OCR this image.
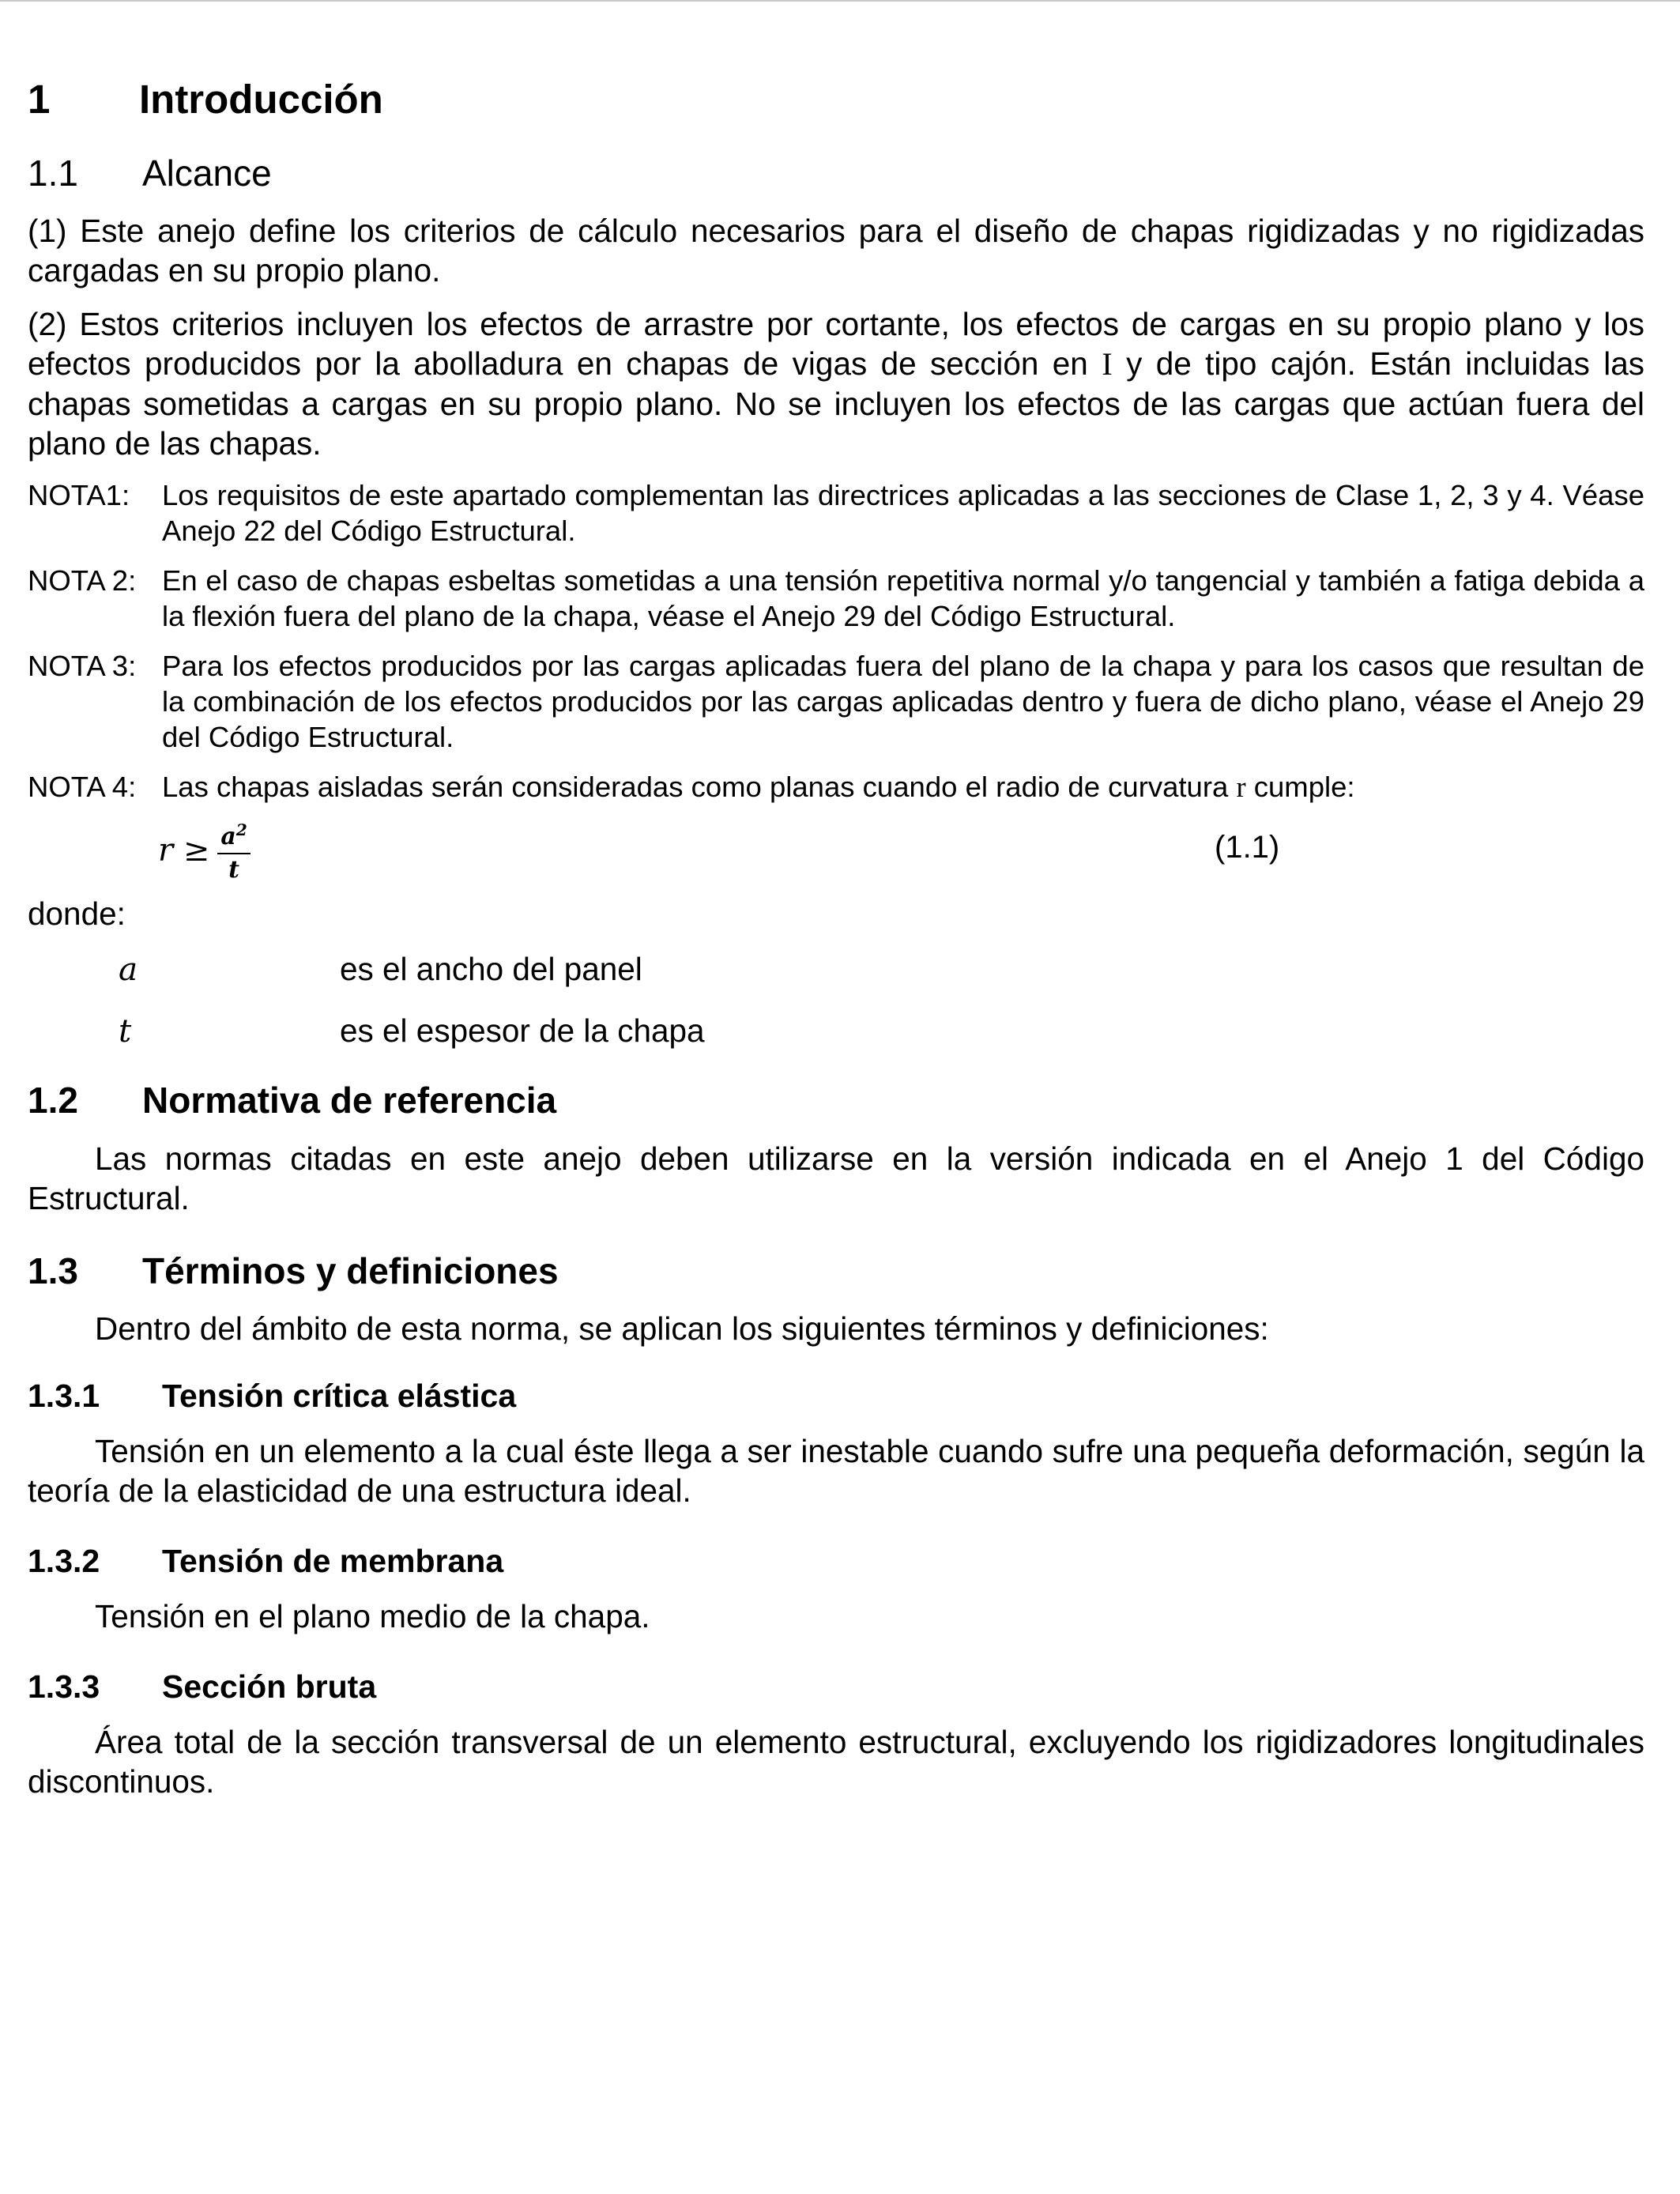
1	Introducción
1.1	Alcance

(1) Este anejo define los criterios de cálculo necesarios para el diseño de chapas rigidizadas y no rigidizadas cargadas en su propio plano.

(2) Estos criterios incluyen los efectos de arrastre por cortante, los efectos de cargas en su propio plano y los efectos producidos por la abolladura en chapas de vigas de sección en I y de tipo cajón. Están incluidas las chapas sometidas a cargas en su propio plano. No se incluyen los efectos de las cargas que actúan fuera del plano de las chapas.

NOTA1:	Los requisitos de este apartado complementan las directrices aplicadas a las secciones de Clase 1, 2, 3 y 4. Véase Anejo 22 del Código Estructural.
NOTA 2: En el caso de chapas esbeltas sometidas a una tensión repetitiva normal y/o tangencial y también a fatiga debida a la flexión fuera del plano de la chapa, véase el Anejo 29 del Código Estructural.
NOTA 3: Para los efectos producidos por las cargas aplicadas fuera del plano de la chapa y para los casos que resultan de la combinación de los efectos producidos por las cargas aplicadas dentro y fuera de dicho plano, véase el Anejo 29 del Código Estructural.
NOTA 4: Las chapas aisladas serán consideradas como planas cuando el radio de curvatura r cumple:
$r \ge \frac{a^2}{t}$	(1.1)
donde:
a	es el ancho del panel
t	es el espesor de la chapa
1.2	Normativa de referencia

Las normas citadas en este anejo deben utilizarse en la versión indicada en el Anejo 1 del Código Estructural.

1.3	Términos y definiciones

Dentro del ámbito de esta norma, se aplican los siguientes términos y definiciones:

1.3.1	Tensión crítica elástica

Tensión en un elemento a la cual éste llega a ser inestable cuando sufre una pequeña deformación, según la teoría de la elasticidad de una estructura ideal.

1.3.2	Tensión de membrana

Tensión en el plano medio de la chapa.

1.3.3	Sección bruta

Área total de la sección transversal de un elemento estructural, excluyendo los rigidizadores longitudinales discontinuos.
